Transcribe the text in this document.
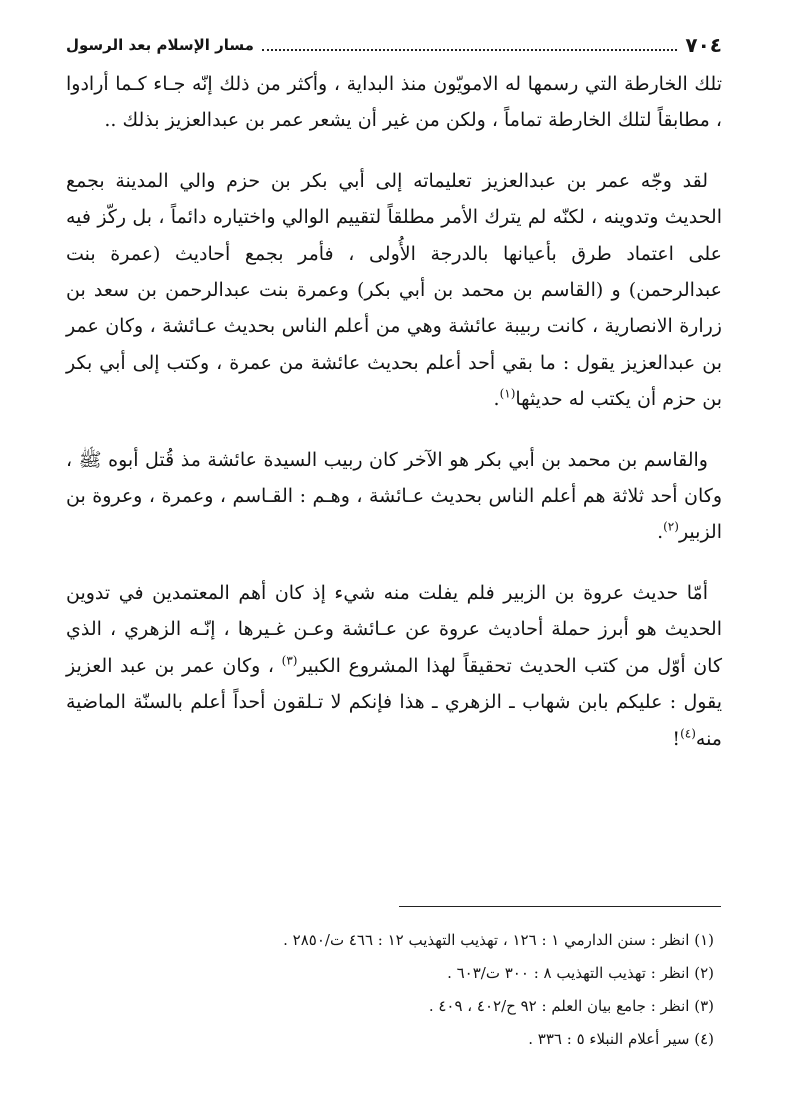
٧٠٤
مسار الإسلام بعد الرسول

تلك الخارطة التي رسمها له الامويّون منذ البداية ، وأكثر من ذلك إنّه جـاء كـما أرادوا ، مطابقاً لتلك الخارطة تماماً ، ولكن من غير أن يشعر عمر بن عبدالعزيز بذلك ..

لقد وجّه عمر بن عبدالعزيز تعليماته إلى أبي بكر بن حزم والي المدينة بجمع الحديث وتدوينه ، لكنّه لم يترك الأمر مطلقاً لتقييم الوالي واختياره دائماً ، بل ركّز فيه على اعتماد طرق بأعيانها بالدرجة الأُولى ، فأمر بجمع أحاديث (عمرة بنت عبدالرحمن) و (القاسم بن محمد بن أبي بكر) وعمرة بنت عبدالرحمن بن سعد بن زرارة الانصارية ، كانت ربيبة عائشة وهي من أعلم الناس بحديث عـائشة ، وكان عمر بن عبدالعزيز يقول : ما بقي أحد أعلم بحديث عائشة من عمرة ، وكتب إلى أبي بكر بن حزم أن يكتب له حديثها$^{(١)}$.

والقاسم بن محمد بن أبي بكر هو الآخر كان ربيب السيدة عائشة مذ قُتل أبوه ﷺ ، وكان أحد ثلاثة هم أعلم الناس بحديث عـائشة ، وهـم : القـاسم ، وعمرة ، وعروة بن الزبير$^{(٢)}$.

أمّا حديث عروة بن الزبير فلم يفلت منه شيء إذ كان أهم المعتمدين في تدوين الحديث هو أبرز حملة أحاديث عروة عن عـائشة وعـن غـيرها ، إنّـه الزهري ، الذي كان أوّل من كتب الحديث تحقيقاً لهذا المشروع الكبير$^{(٣)}$ ، وكان عمر بن عبد العزيز يقول : عليكم بابن شهاب ـ الزهري ـ هذا فإنكم لا تـلقون أحداً أعلم بالسنّة الماضية منه$^{(٤)}$!

(١) انظر : سنن الدارمي ١ : ١٢٦ ، تهذيب التهذيب ١٢ : ٤٦٦ ت/٢٨٥٠ .

(٢) انظر : تهذيب التهذيب ٨ : ٣٠٠ ت/٦٠٣ .

(٣) انظر : جامع بيان العلم : ٩٢ ح/٤٠٢ ، ٤٠٩ .

(٤) سير أعلام النبلاء ٥ : ٣٣٦ .
